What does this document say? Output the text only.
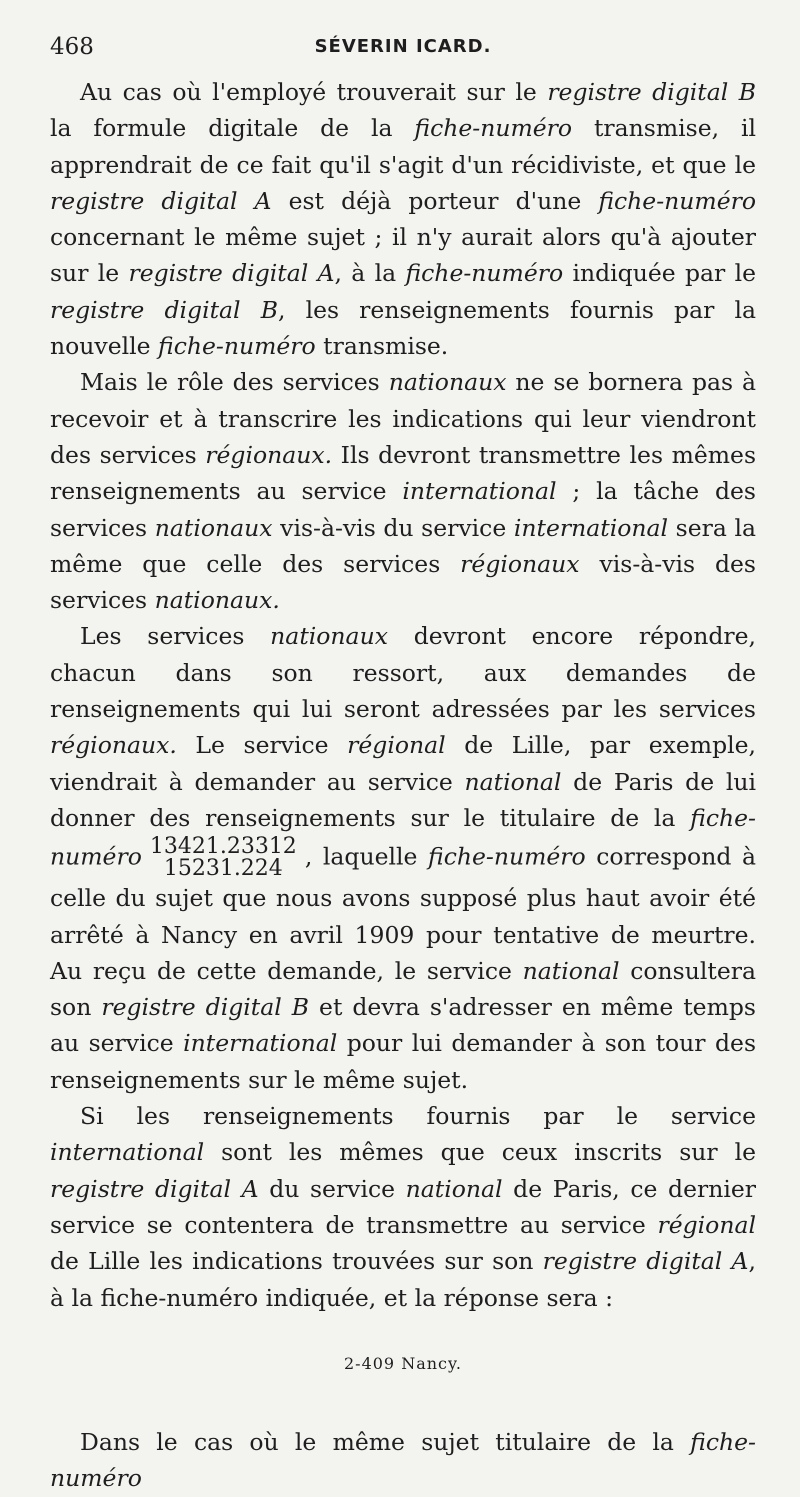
468	SÉVERIN ICARD.

Au cas où l'employé trouverait sur le registre digital B la formule digitale de la fiche-numéro transmise, il apprendrait de ce fait qu'il s'agit d'un récidiviste, et que le registre digital A est déjà porteur d'une fiche-numéro concernant le même sujet ; il n'y aurait alors qu'à ajouter sur le registre digital A, à la fiche-numéro indiquée par le registre digital B, les renseignements fournis par la nouvelle fiche-numéro transmise.

Mais le rôle des services nationaux ne se bornera pas à recevoir et à transcrire les indications qui leur viendront des services régionaux. Ils devront transmettre les mêmes renseignements au service international ; la tâche des services nationaux vis-à-vis du service international sera la même que celle des services régionaux vis-à-vis des services nationaux.

Les services nationaux devront encore répondre, chacun dans son ressort, aux demandes de renseignements qui lui seront adressées par les services régionaux. Le service régional de Lille, par exemple, viendrait à demander au service national de Paris de lui donner des renseignements sur le titulaire de la fiche-numéro 13421.23312
15231.224 , laquelle fiche-numéro correspond à celle du sujet que nous avons supposé plus haut avoir été arrêté à Nancy en avril 1909 pour tentative de meurtre. Au reçu de cette demande, le service national consultera son registre digital B et devra s'adresser en même temps au service international pour lui demander à son tour des renseignements sur le même sujet.

Si les renseignements fournis par le service international sont les mêmes que ceux inscrits sur le registre digital A du service national de Paris, ce dernier service se contentera de transmettre au service régional de Lille les indications trouvées sur son registre digital A, à la fiche-numéro indiquée, et la réponse sera :

2-409 Nancy.

Dans le cas où le même sujet titulaire de la fiche-numéro
